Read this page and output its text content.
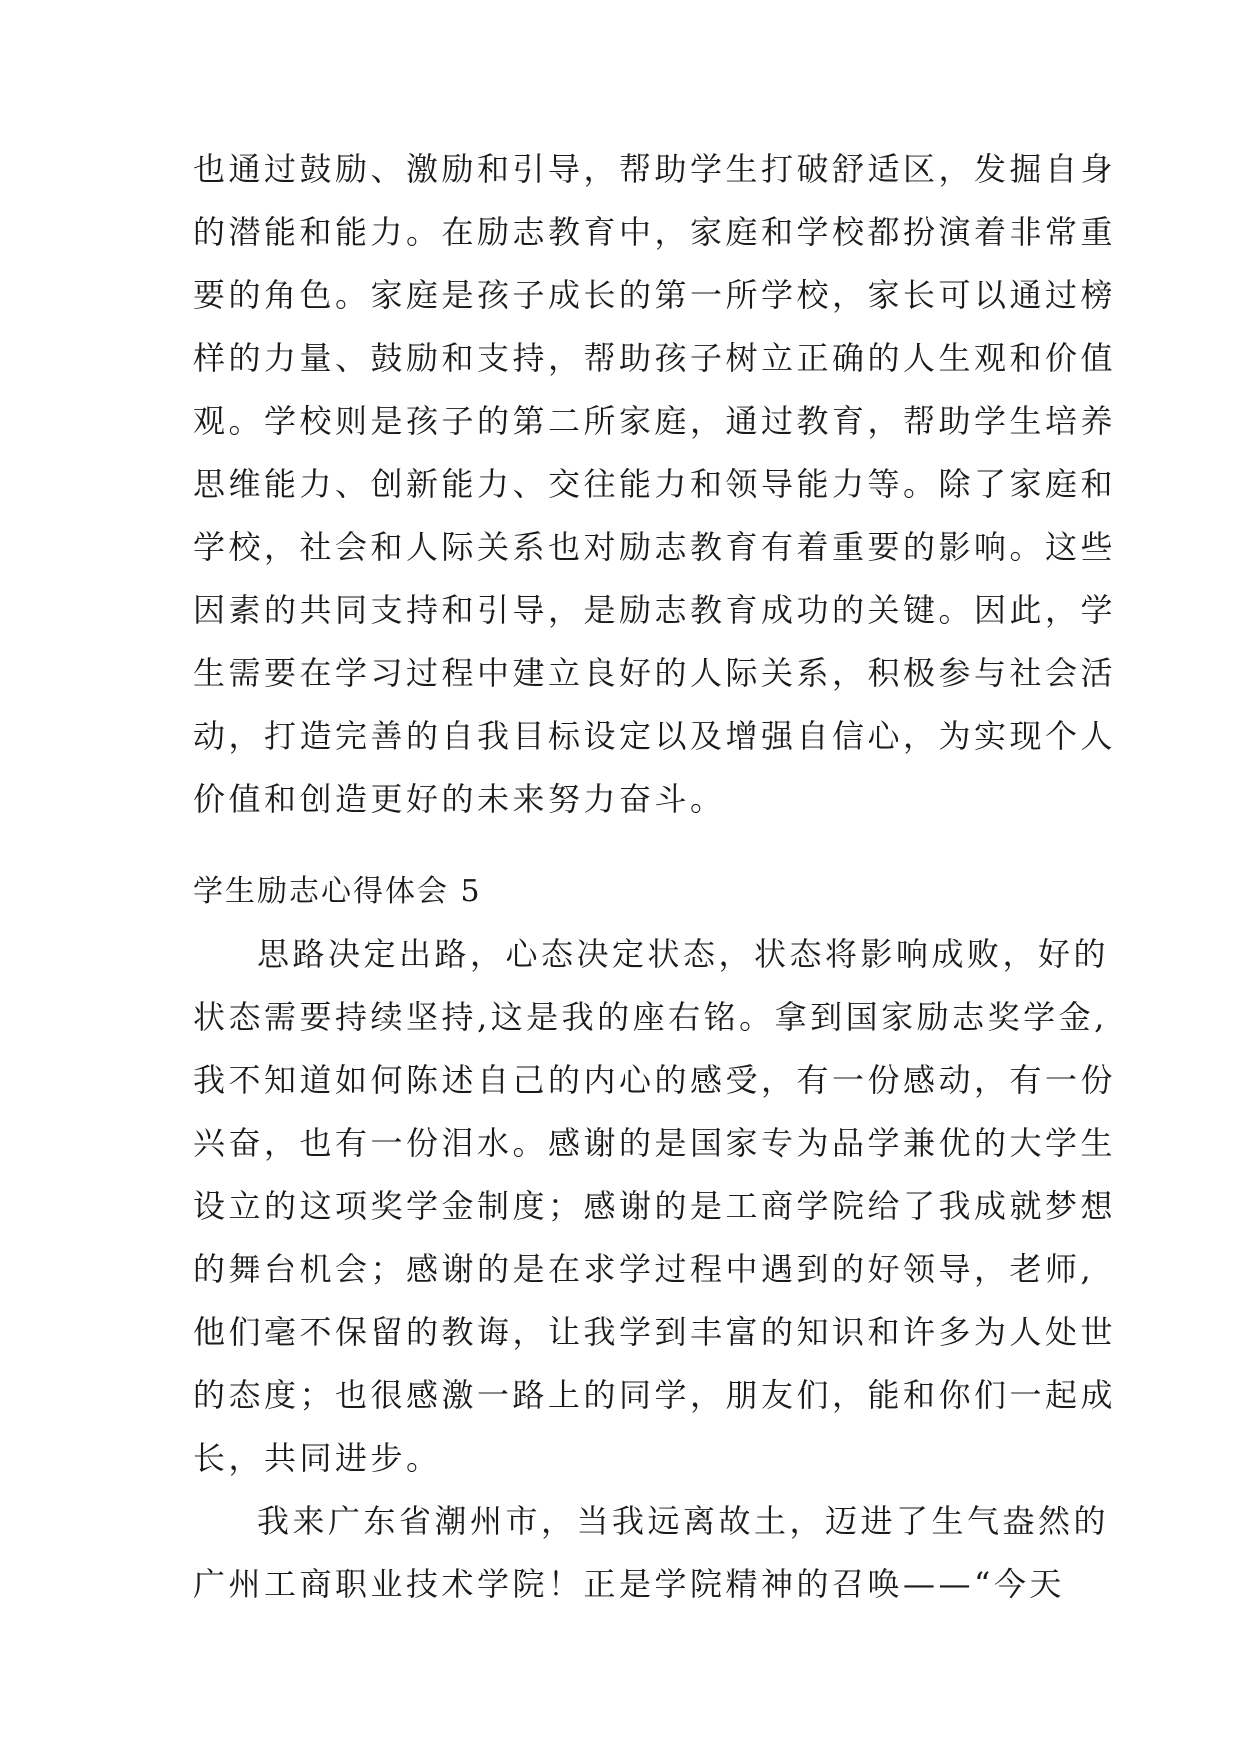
也通过鼓励、激励和引导，帮助学生打破舒适区，发掘自身
的潜能和能力。在励志教育中，家庭和学校都扮演着非常重
要的角色。家庭是孩子成长的第一所学校，家长可以通过榜
样的力量、鼓励和支持，帮助孩子树立正确的人生观和价值
观。学校则是孩子的第二所家庭，通过教育，帮助学生培养
思维能力、创新能力、交往能力和领导能力等。除了家庭和
学校，社会和人际关系也对励志教育有着重要的影响。这些
因素的共同支持和引导，是励志教育成功的关键。因此，学
生需要在学习过程中建立良好的人际关系，积极参与社会活
动，打造完善的自我目标设定以及增强自信心，为实现个人
价值和创造更好的未来努力奋斗。
学生励志心得体会 5
思路决定出路，心态决定状态，状态将影响成败，好的
状态需要持续坚持,这是我的座右铭。拿到国家励志奖学金,
我不知道如何陈述自己的内心的感受，有一份感动，有一份
兴奋，也有一份泪水。感谢的是国家专为品学兼优的大学生
设立的这项奖学金制度；感谢的是工商学院给了我成就梦想
的舞台机会；感谢的是在求学过程中遇到的好领导，老师,
他们毫不保留的教诲，让我学到丰富的知识和许多为人处世
的态度；也很感激一路上的同学，朋友们，能和你们一起成
长，共同进步。
我来广东省潮州市，当我远离故土，迈进了生气盎然的
广州工商职业技术学院！正是学院精神的召唤——“今天
